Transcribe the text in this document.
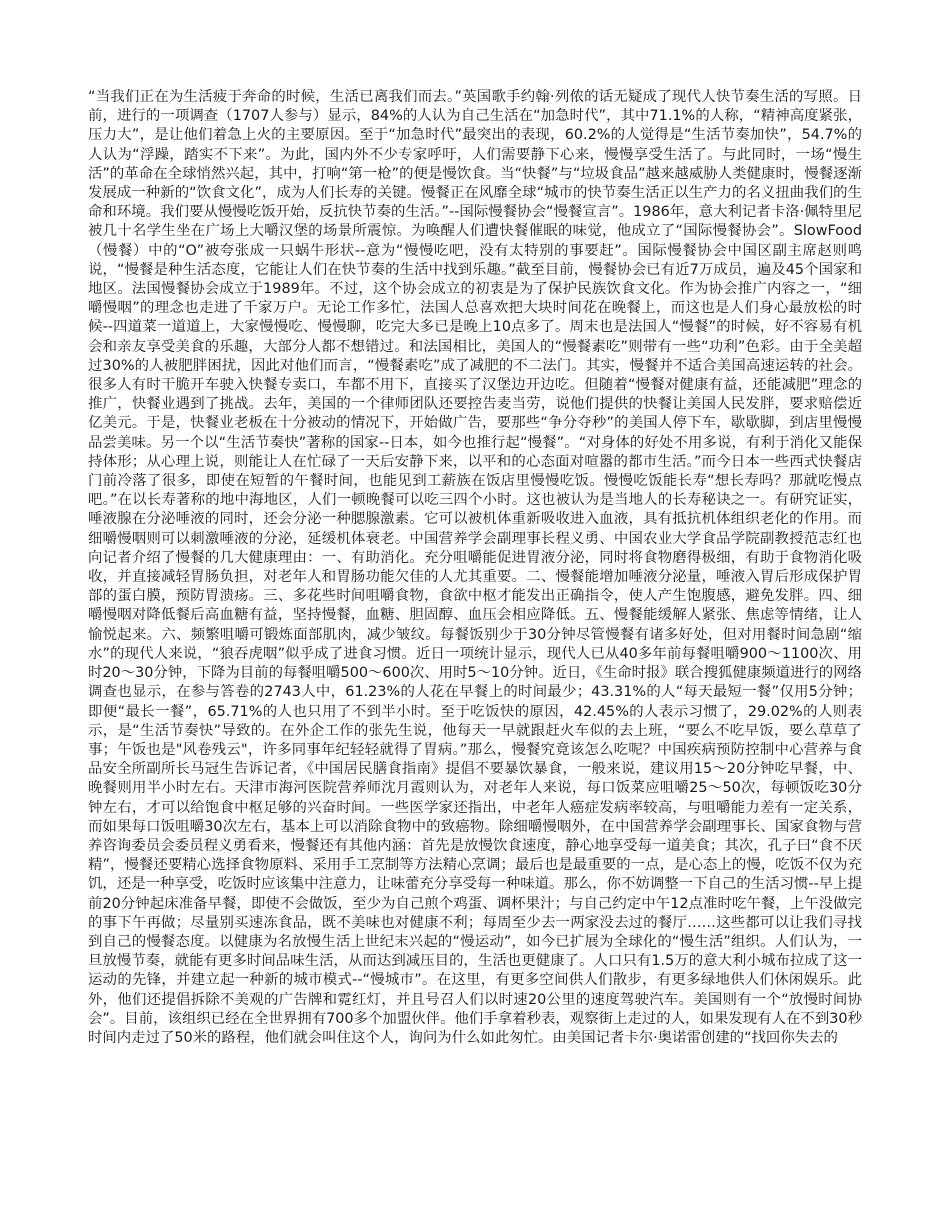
“当我们正在为生活疲于奔命的时候，生活已离我们而去。”英国歌手约翰·列侬的话无疑成了现代人快节奏生活的写照。日前，进行的一项调查（1707人参与）显示，84%的人认为自己生活在“加急时代”，其中71.1%的人称，“精神高度紧张，压力大”，是让他们着急上火的主要原因。至于“加急时代”最突出的表现，60.2%的人觉得是“生活节奏加快”，54.7%的人认为“浮躁，踏实不下来”。为此，国内外不少专家呼吁，人们需要静下心来，慢慢享受生活了。与此同时，一场“慢生活”的革命在全球悄然兴起，其中，打响“第一枪”的便是慢饮食。当“快餐”与“垃圾食品”越来越威胁人类健康时，慢餐逐渐发展成一种新的“饮食文化”，成为人们长寿的关键。慢餐正在风靡全球“城市的快节奏生活正以生产力的名义扭曲我们的生命和环境。我们要从慢慢吃饭开始，反抗快节奏的生活。”--国际慢餐协会“慢餐宣言”。1986年，意大利记者卡洛·佩特里尼被几十名学生坐在广场上大嚼汉堡的场景所震惊。为唤醒人们遭快餐催眠的味觉，他成立了“国际慢餐协会”。SlowFood（慢餐）中的“O”被夸张成一只蜗牛形状--意为“慢慢吃吧，没有太特别的事要赶”。国际慢餐协会中国区副主席赵则鸣说，“慢餐是种生活态度，它能让人们在快节奏的生活中找到乐趣。”截至目前，慢餐协会已有近7万成员，遍及45个国家和地区。法国慢餐协会成立于1989年。不过，这个协会成立的初衷是为了保护民族饮食文化。作为协会推广内容之一，“细嚼慢咽”的理念也走进了千家万户。无论工作多忙，法国人总喜欢把大块时间花在晚餐上，而这也是人们身心最放松的时候--四道菜一道道上，大家慢慢吃、慢慢聊，吃完大多已是晚上10点多了。周末也是法国人“慢餐”的时候，好不容易有机会和亲友享受美食的乐趣，大部分人都不想错过。和法国相比，美国人的“慢餐素吃”则带有一些“功利”色彩。由于全美超过30%的人被肥胖困扰，因此对他们而言，“慢餐素吃”成了减肥的不二法门。其实，慢餐并不适合美国高速运转的社会。很多人有时干脆开车驶入快餐专卖口，车都不用下，直接买了汉堡边开边吃。但随着“慢餐对健康有益，还能减肥”理念的推广，快餐业遇到了挑战。去年，美国的一个律师团队还要控告麦当劳，说他们提供的快餐让美国人民发胖，要求赔偿近亿美元。于是，快餐业老板在十分被动的情况下，开始做广告，要那些“争分夺秒”的美国人停下车，歇歇脚，到店里慢慢品尝美味。另一个以“生活节奏快”著称的国家--日本，如今也推行起“慢餐”。“对身体的好处不用多说，有利于消化又能保持体形；从心理上说，则能让人在忙碌了一天后安静下来，以平和的心态面对喧嚣的都市生活。”而今日本一些西式快餐店门前冷落了很多，即使在短暂的午餐时间，也能见到工薪族在饭店里慢慢吃饭。慢慢吃饭能长寿“想长寿吗？那就吃慢点吧。”在以长寿著称的地中海地区，人们一顿晚餐可以吃三四个小时。这也被认为是当地人的长寿秘诀之一。有研究证实，唾液腺在分泌唾液的同时，还会分泌一种腮腺激素。它可以被机体重新吸收进入血液，具有抵抗机体组织老化的作用。而细嚼慢咽则可以刺激唾液的分泌，延缓机体衰老。中国营养学会副理事长程义勇、中国农业大学食品学院副教授范志红也向记者介绍了慢餐的几大健康理由：一、有助消化。充分咀嚼能促进胃液分泌，同时将食物磨得极细，有助于食物消化吸收，并直接减轻胃肠负担，对老年人和胃肠功能欠佳的人尤其重要。二、慢餐能增加唾液分泌量，唾液入胃后形成保护胃部的蛋白膜，预防胃溃疡。三、多花些时间咀嚼食物，食欲中枢才能发出正确指令，使人产生饱腹感，避免发胖。四、细嚼慢咽对降低餐后高血糖有益，坚持慢餐，血糖、胆固醇、血压会相应降低。五、慢餐能缓解人紧张、焦虑等情绪，让人愉悦起来。六、频繁咀嚼可锻炼面部肌肉，减少皱纹。每餐饭别少于30分钟尽管慢餐有诸多好处，但对用餐时间急剧“缩水”的现代人来说，“狼吞虎咽”似乎成了进食习惯。近日一项统计显示，现代人已从40多年前每餐咀嚼900～1100次、用时20～30分钟，下降为目前的每餐咀嚼500～600次、用时5～10分钟。近日，《生命时报》联合搜狐健康频道进行的网络调查也显示，在参与答卷的2743人中，61.23%的人花在早餐上的时间最少；43.31%的人“每天最短一餐”仅用5分钟；即便“最长一餐”，65.71%的人也只用了不到半小时。至于吃饭快的原因，42.45%的人表示习惯了，29.02%的人则表示，是“生活节奏快”导致的。在外企工作的张先生说，他每天一早就跟赶火车似的去上班，“要么不吃早饭，要么草草了事；午饭也是"风卷残云"，许多同事年纪轻轻就得了胃病。”那么，慢餐究竟该怎么吃呢？中国疾病预防控制中心营养与食品安全所副所长马冠生告诉记者，《中国居民膳食指南》提倡不要暴饮暴食，一般来说，建议用15～20分钟吃早餐，中、晚餐则用半小时左右。天津市海河医院营养师沈月霞则认为，对老年人来说，每口饭菜应咀嚼25～50次，每顿饭吃30分钟左右，才可以给饱食中枢足够的兴奋时间。一些医学家还指出，中老年人癌症发病率较高，与咀嚼能力差有一定关系，而如果每口饭咀嚼30次左右，基本上可以消除食物中的致癌物。除细嚼慢咽外，在中国营养学会副理事长、国家食物与营养咨询委员会委员程义勇看来，慢餐还有其他内涵：首先是放慢饮食速度，静心地享受每一道美食；其次，孔子曰“食不厌精”，慢餐还要精心选择食物原料、采用手工烹制等方法精心烹调；最后也是最重要的一点，是心态上的慢，吃饭不仅为充饥，还是一种享受，吃饭时应该集中注意力，让味蕾充分享受每一种味道。那么，你不妨调整一下自己的生活习惯--早上提前20分钟起床准备早餐，即使不会做饭，至少为自己煎个鸡蛋、调杯果汁；与自己约定中午12点准时吃午餐，上午没做完的事下午再做；尽量别买速冻食品，既不美味也对健康不利；每周至少去一两家没去过的餐厅……这些都可以让我们寻找到自己的慢餐态度。以健康为名放慢生活上世纪末兴起的“慢运动”，如今已扩展为全球化的“慢生活”组织。人们认为，一旦放慢节奏，就能有更多时间品味生活，从而达到减压目的，生活也更健康了。人口只有1.5万的意大利小城布拉成了这一运动的先锋，并建立起一种新的城市模式--“慢城市”。在这里，有更多空间供人们散步，有更多绿地供人们休闲娱乐。此外，他们还提倡拆除不美观的广告牌和霓红灯，并且号召人们以时速20公里的速度驾驶汽车。美国则有一个“放慢时间协会”。目前，该组织已经在全世界拥有700多个加盟伙伴。他们手拿着秒表，观察街上走过的人，如果发现有人在不到30秒时间内走过了50米的路程，他们就会叫住这个人，询问为什么如此匆忙。由美国记者卡尔·奥诺雷创建的“找回你失去的
